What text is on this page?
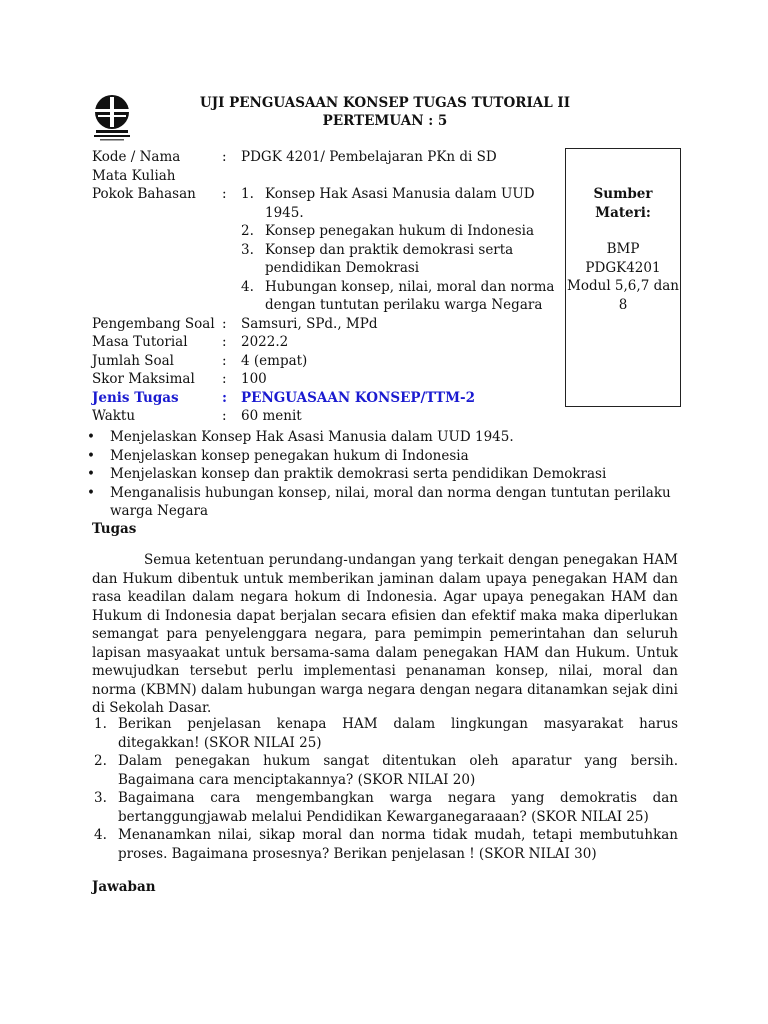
UJI PENGUASAAN KONSEP TUGAS TUTORIAL II
PERTEMUAN : 5
Kode / Nama	:	PDGK 4201/ Pembelajaran PKn di SD
Mata Kuliah

Pokok Bahasan	:	1. Konsep Hak Asasi Manusia dalam UUD 1945.
2. Konsep penegakan hukum di Indonesia
3. Konsep dan praktik demokrasi serta pendidikan Demokrasi
4. Hubungan konsep, nilai, moral dan norma dengan tuntutan perilaku warga Negara
Pengembang Soal :	Samsuri, SPd., MPd
Masa Tutorial	:	2022.2
Jumlah Soal	:	4 (empat)
Skor Maksimal	:	100
Jenis Tugas	:	PENGUASAAN KONSEP/TTM-2
Waktu	:	60 menit
Sumber
Materi:
BMP
PDGK4201
Modul 5,6,7 dan
8
• Menjelaskan Konsep Hak Asasi Manusia dalam UUD 1945.
• Menjelaskan konsep penegakan hukum di Indonesia
• Menjelaskan konsep dan praktik demokrasi serta pendidikan Demokrasi
• Menganalisis hubungan konsep, nilai, moral dan norma dengan tuntutan perilaku warga Negara
Tugas
Semua ketentuan perundang-undangan yang terkait dengan penegakan HAM dan Hukum dibentuk untuk memberikan jaminan dalam upaya penegakan HAM dan rasa keadilan dalam negara hokum di Indonesia. Agar upaya penegakan HAM dan Hukum di Indonesia dapat berjalan secara efisien dan efektif maka maka diperlukan semangat para penyelenggara negara, para pemimpin pemerintahan dan seluruh lapisan masyaakat untuk bersama-sama dalam penegakan HAM dan Hukum. Untuk mewujudkan tersebut perlu implementasi penanaman konsep, nilai, moral dan norma (KBMN) dalam hubungan warga negara dengan negara ditanamkan sejak dini di Sekolah Dasar.
1. Berikan penjelasan kenapa HAM dalam lingkungan masyarakat harus ditegakkan! (SKOR NILAI 25)
2. Dalam penegakan hukum sangat ditentukan oleh aparatur yang bersih. Bagaimana cara menciptakannya? (SKOR NILAI 20)
3. Bagaimana cara mengembangkan warga negara yang demokratis dan bertanggungjawab melalui Pendidikan Kewarganegaraaan? (SKOR NILAI 25)
4. Menanamkan nilai, sikap moral dan norma tidak mudah, tetapi membutuhkan proses. Bagaimana prosesnya? Berikan penjelasan ! (SKOR NILAI 30)
Jawaban
